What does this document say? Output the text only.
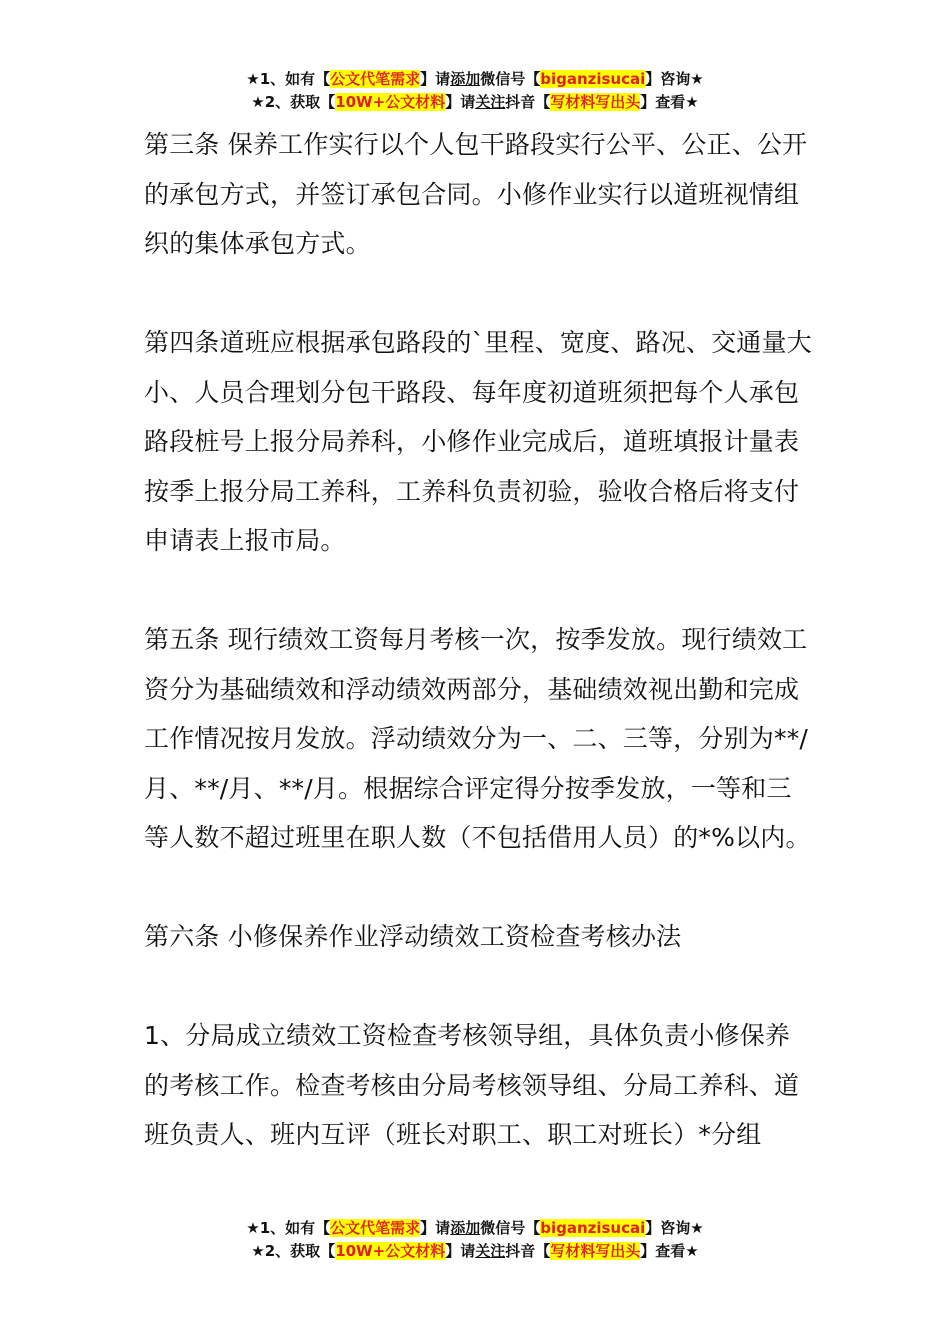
★1、如有【公文代笔需求】请添加微信号【biganzisucai】咨询★
★2、获取【10W+公文材料】请关注抖音【写材料写出头】查看★

第三条 保养工作实行以个人包干路段实行公平、公正、公开的承包方式，并签订承包合同。小修作业实行以道班视情组织的集体承包方式。

第四条道班应根据承包路段的`里程、宽度、路况、交通量大小、人员合理划分包干路段、每年度初道班须把每个人承包路段桩号上报分局养科，小修作业完成后，道班填报计量表按季上报分局工养科，工养科负责初验，验收合格后将支付申请表上报市局。

第五条 现行绩效工资每月考核一次，按季发放。现行绩效工资分为基础绩效和浮动绩效两部分，基础绩效视出勤和完成工作情况按月发放。浮动绩效分为一、二、三等，分别为**/月、**/月、**/月。根据综合评定得分按季发放，一等和三等人数不超过班里在职人数（不包括借用人员）的*%以内。

第六条 小修保养作业浮动绩效工资检查考核办法

1、分局成立绩效工资检查考核领导组，具体负责小修保养的考核工作。检查考核由分局考核领导组、分局工养科、道班负责人、班内互评（班长对职工、职工对班长）*分组

★1、如有【公文代笔需求】请添加微信号【biganzisucai】咨询★
★2、获取【10W+公文材料】请关注抖音【写材料写出头】查看★
